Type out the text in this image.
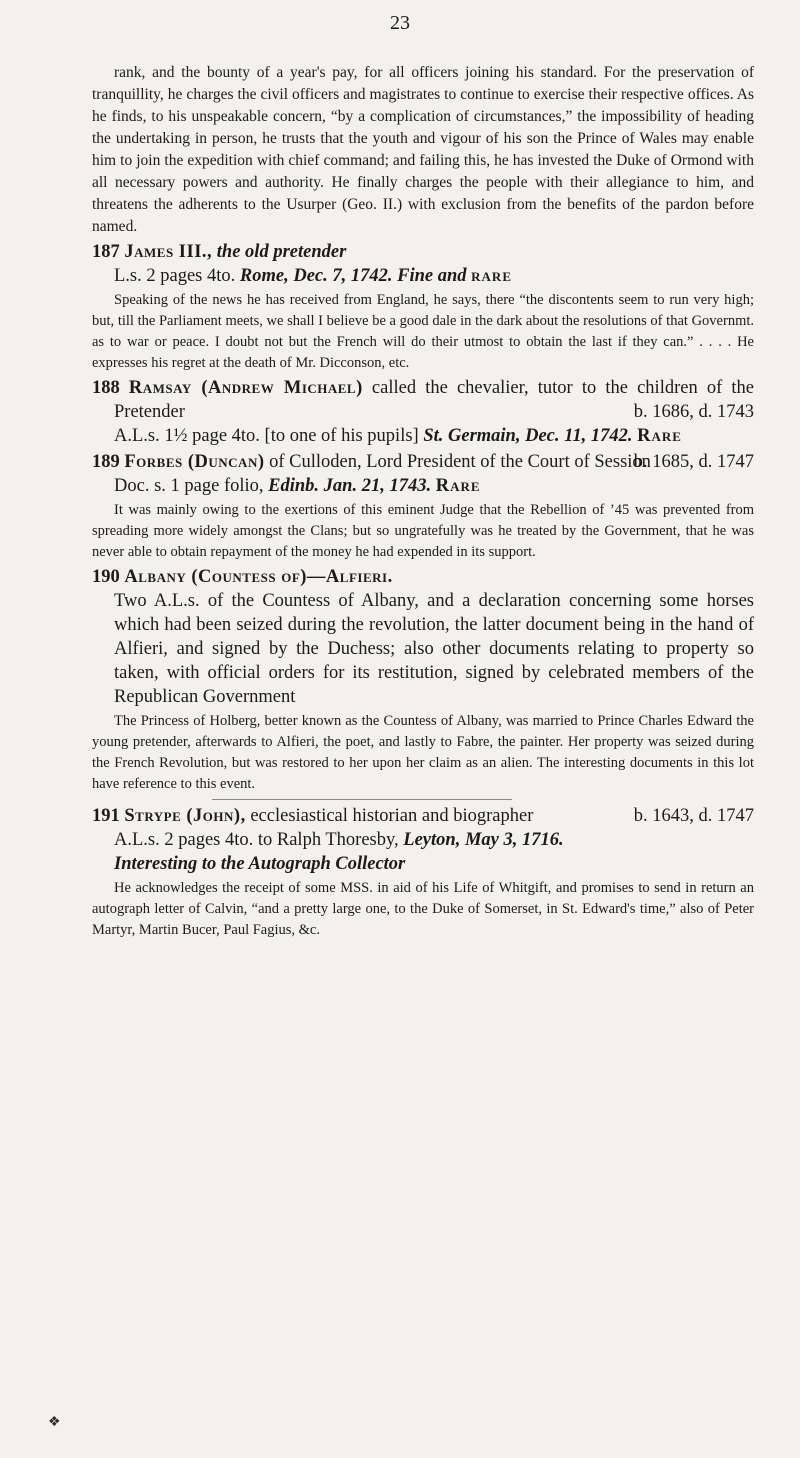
23

rank, and the bounty of a year's pay, for all officers joining his standard. For the preservation of tranquillity, he charges the civil officers and magistrates to continue to exercise their respective offices. As he finds, to his unspeakable concern, “by a complication of circumstances,” the impossibility of heading the undertaking in person, he trusts that the youth and vigour of his son the Prince of Wales may enable him to join the expedition with chief command; and failing this, he has invested the Duke of Ormond with all necessary powers and authority. He finally charges the people with their allegiance to him, and threatens the adherents to the Usurper (Geo. II.) with exclusion from the benefits of the pardon before named.

187 James III., the old pretender
L.s. 2 pages 4to. Rome, Dec. 7, 1742. Fine and rare

Speaking of the news he has received from England, he says, there “the discontents seem to run very high; but, till the Parliament meets, we shall I believe be a good dale in the dark about the resolutions of that Governmt. as to war or peace. I doubt not but the French will do their utmost to obtain the last if they can.” . . . . He expresses his regret at the death of Mr. Dicconson, etc.

188 Ramsay (Andrew Michael) called the chevalier, tutor to the children of the Pretender	b. 1686, d. 1743

A.L.s. 1½ page 4to. [to one of his pupils] St. Germain, Dec. 11, 1742. Rare

189 Forbes (Duncan) of Culloden, Lord President of the Court of Session
b. 1685, d. 1747

Doc. s. 1 page folio, Edinb. Jan. 21, 1743. Rare

It was mainly owing to the exertions of this eminent Judge that the Rebellion of ’45 was prevented from spreading more widely amongst the Clans; but so ungratefully was he treated by the Government, that he was never able to obtain repayment of the money he had expended in its support.

190 Albany (Countess of)—Alfieri.
Two A.L.s. of the Countess of Albany, and a declaration concerning some horses which had been seized during the revolution, the latter document being in the hand of Alfieri, and signed by the Duchess; also other documents relating to property so taken, with official orders for its restitution, signed by celebrated members of the Republican Government

The Princess of Holberg, better known as the Countess of Albany, was married to Prince Charles Edward the young pretender, afterwards to Alfieri, the poet, and lastly to Fabre, the painter. Her property was seized during the French Revolution, but was restored to her upon her claim as an alien. The interesting documents in this lot have reference to this event.

191 Strype (John), ecclesiastical historian and biographer	b. 1643, d. 1747

A.L.s. 2 pages 4to. to Ralph Thoresby, Leyton, May 3, 1716.
Interesting to the Autograph Collector

He acknowledges the receipt of some MSS. in aid of his Life of Whitgift, and promises to send in return an autograph letter of Calvin, “and a pretty large one, to the Duke of Somerset, in St. Edward's time,” also of Peter Martyr, Martin Bucer, Paul Fagius, &c.

❖
